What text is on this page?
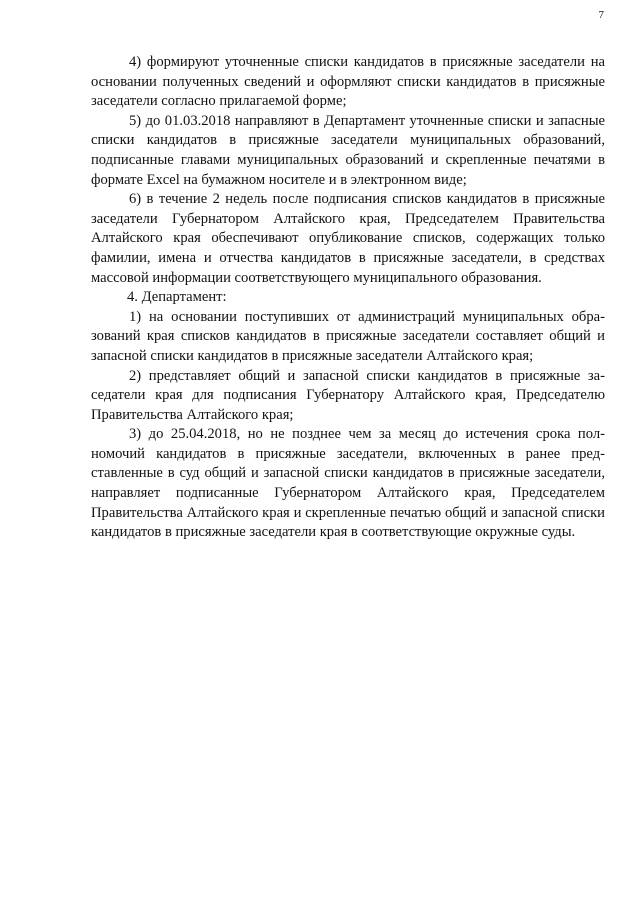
7

4) формируют уточненные списки кандидатов в присяжные заседатели на основании полученных сведений и оформляют списки кандидатов в присяжные заседатели согласно прилагаемой форме;

5) до 01.03.2018 направляют в Департамент уточненные списки и запасные списки кандидатов в присяжные заседатели муниципальных образований, подписанные главами муниципальных образований и скрепленные печатями в формате Excel на бумажном носителе и в электронном виде;

6) в течение 2 недель после подписания списков кандидатов в присяжные заседатели Губернатором Алтайского края, Председателем Правительства Алтайского края обеспечивают опубликование списков, содержащих только фамилии, имена и отчества кандидатов в присяжные заседатели, в средствах массовой информации соответствующего муниципального образования.

4. Департамент:

1) на основании поступивших от администраций муниципальных образований края списков кандидатов в присяжные заседатели составляет общий и запасной списки кандидатов в присяжные заседатели Алтайского края;

2) представляет общий и запасной списки кандидатов в присяжные заседатели края для подписания Губернатору Алтайского края, Председателю Правительства Алтайского края;

3) до 25.04.2018, но не позднее чем за месяц до истечения срока полномочий кандидатов в присяжные заседатели, включенных в ранее представленные в суд общий и запасной списки кандидатов в присяжные заседатели, направляет подписанные Губернатором Алтайского края, Председателем Правительства Алтайского края и скрепленные печатью общий и запасной списки кандидатов в присяжные заседатели края в соответствующие окружные суды.
